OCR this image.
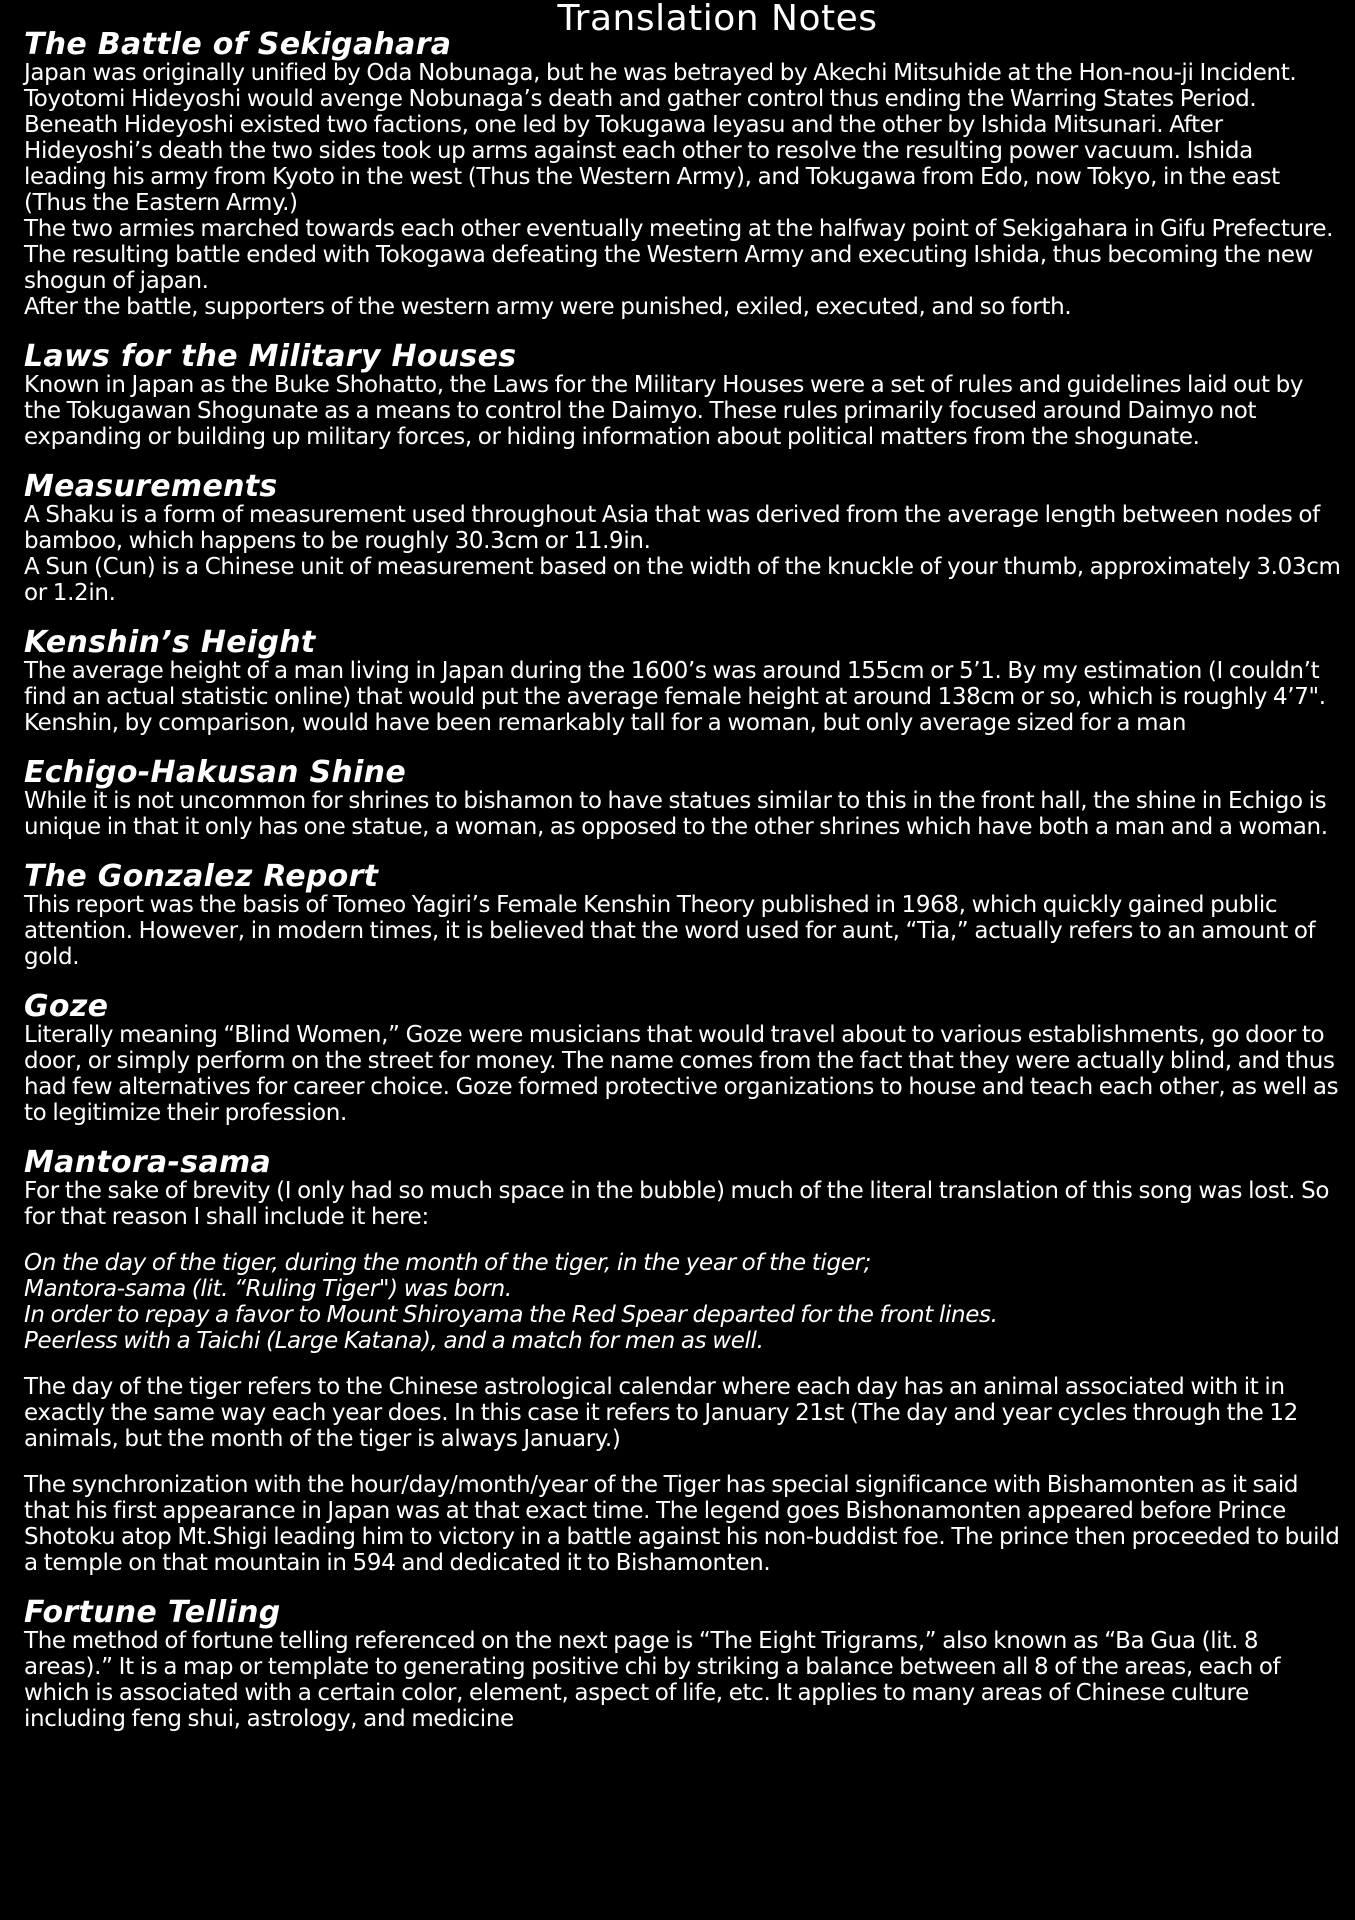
Translation Notes
The Battle of Sekigahara

Japan was originally unified by Oda Nobunaga, but he was betrayed by Akechi Mitsuhide at the Hon-nou-ji Incident. Toyotomi Hideyoshi would avenge Nobunaga’s death and gather control thus ending the Warring States Period.

Beneath Hideyoshi existed two factions, one led by Tokugawa Ieyasu and the other by Ishida Mitsunari. After Hideyoshi’s death the two sides took up arms against each other to resolve the resulting power vacuum. Ishida leading his army from Kyoto in the west (Thus the Western Army), and Tokugawa from Edo, now Tokyo, in the east (Thus the Eastern Army.)

The two armies marched towards each other eventually meeting at the halfway point of Sekigahara in Gifu Prefecture.

The resulting battle ended with Tokogawa defeating the Western Army and executing Ishida, thus becoming the new shogun of japan.

After the battle, supporters of the western army were punished, exiled, executed, and so forth.

Laws for the Military Houses

Known in Japan as the Buke Shohatto, the Laws for the Military Houses were a set of rules and guidelines laid out by the Tokugawan Shogunate as a means to control the Daimyo. These rules primarily focused around Daimyo not expanding or building up military forces, or hiding information about political matters from the shogunate.

Measurements

A Shaku is a form of measurement used throughout Asia that was derived from the average length between nodes of bamboo, which happens to be roughly 30.3cm or 11.9in.

A Sun (Cun) is a Chinese unit of measurement based on the width of the knuckle of your thumb, approximately 3.03cm or 1.2in.

Kenshin’s Height

The average height of a man living in Japan during the 1600’s was around 155cm or 5’1. By my estimation (I couldn’t find an actual statistic online) that would put the average female height at around 138cm or so, which is roughly 4’7". Kenshin, by comparison, would have been remarkably tall for a woman, but only average sized for a man

Echigo-Hakusan Shine

While it is not uncommon for shrines to bishamon to have statues similar to this in the front hall, the shine in Echigo is unique in that it only has one statue, a woman, as opposed to the other shrines which have both a man and a woman.

The Gonzalez Report

This report was the basis of Tomeo Yagiri’s Female Kenshin Theory published in 1968, which quickly gained public attention. However, in modern times, it is believed that the word used for aunt, “Tia,” actually refers to an amount of gold.

Goze

Literally meaning “Blind Women,” Goze were musicians that would travel about to various establishments, go door to door, or simply perform on the street for money. The name comes from the fact that they were actually blind, and thus had few alternatives for career choice. Goze formed protective organizations to house and teach each other, as well as to legitimize their profession.

Mantora-sama

For the sake of brevity (I only had so much space in the bubble) much of the literal translation of this song was lost. So for that reason I shall include it here:

On the day of the tiger, during the month of the tiger, in the year of the tiger;
Mantora-sama (lit. “Ruling Tiger") was born.
In order to repay a favor to Mount Shiroyama the Red Spear departed for the front lines.
Peerless with a Taichi (Large Katana), and a match for men as well.

The day of the tiger refers to the Chinese astrological calendar where each day has an animal associated with it in exactly the same way each year does. In this case it refers to January 21st (The day and year cycles through the 12 animals, but the month of the tiger is always January.)

The synchronization with the hour/day/month/year of the Tiger has special significance with Bishamonten as it said that his first appearance in Japan was at that exact time. The legend goes Bishonamonten appeared before Prince Shotoku atop Mt.Shigi leading him to victory in a battle against his non-buddist foe. The prince then proceeded to build a temple on that mountain in 594 and dedicated it to Bishamonten.

Fortune Telling

The method of fortune telling referenced on the next page is “The Eight Trigrams,” also known as “Ba Gua (lit. 8 areas).” It is a map or template to generating positive chi by striking a balance between all 8 of the areas, each of which is associated with a certain color, element, aspect of life, etc. It applies to many areas of Chinese culture including feng shui, astrology, and medicine
